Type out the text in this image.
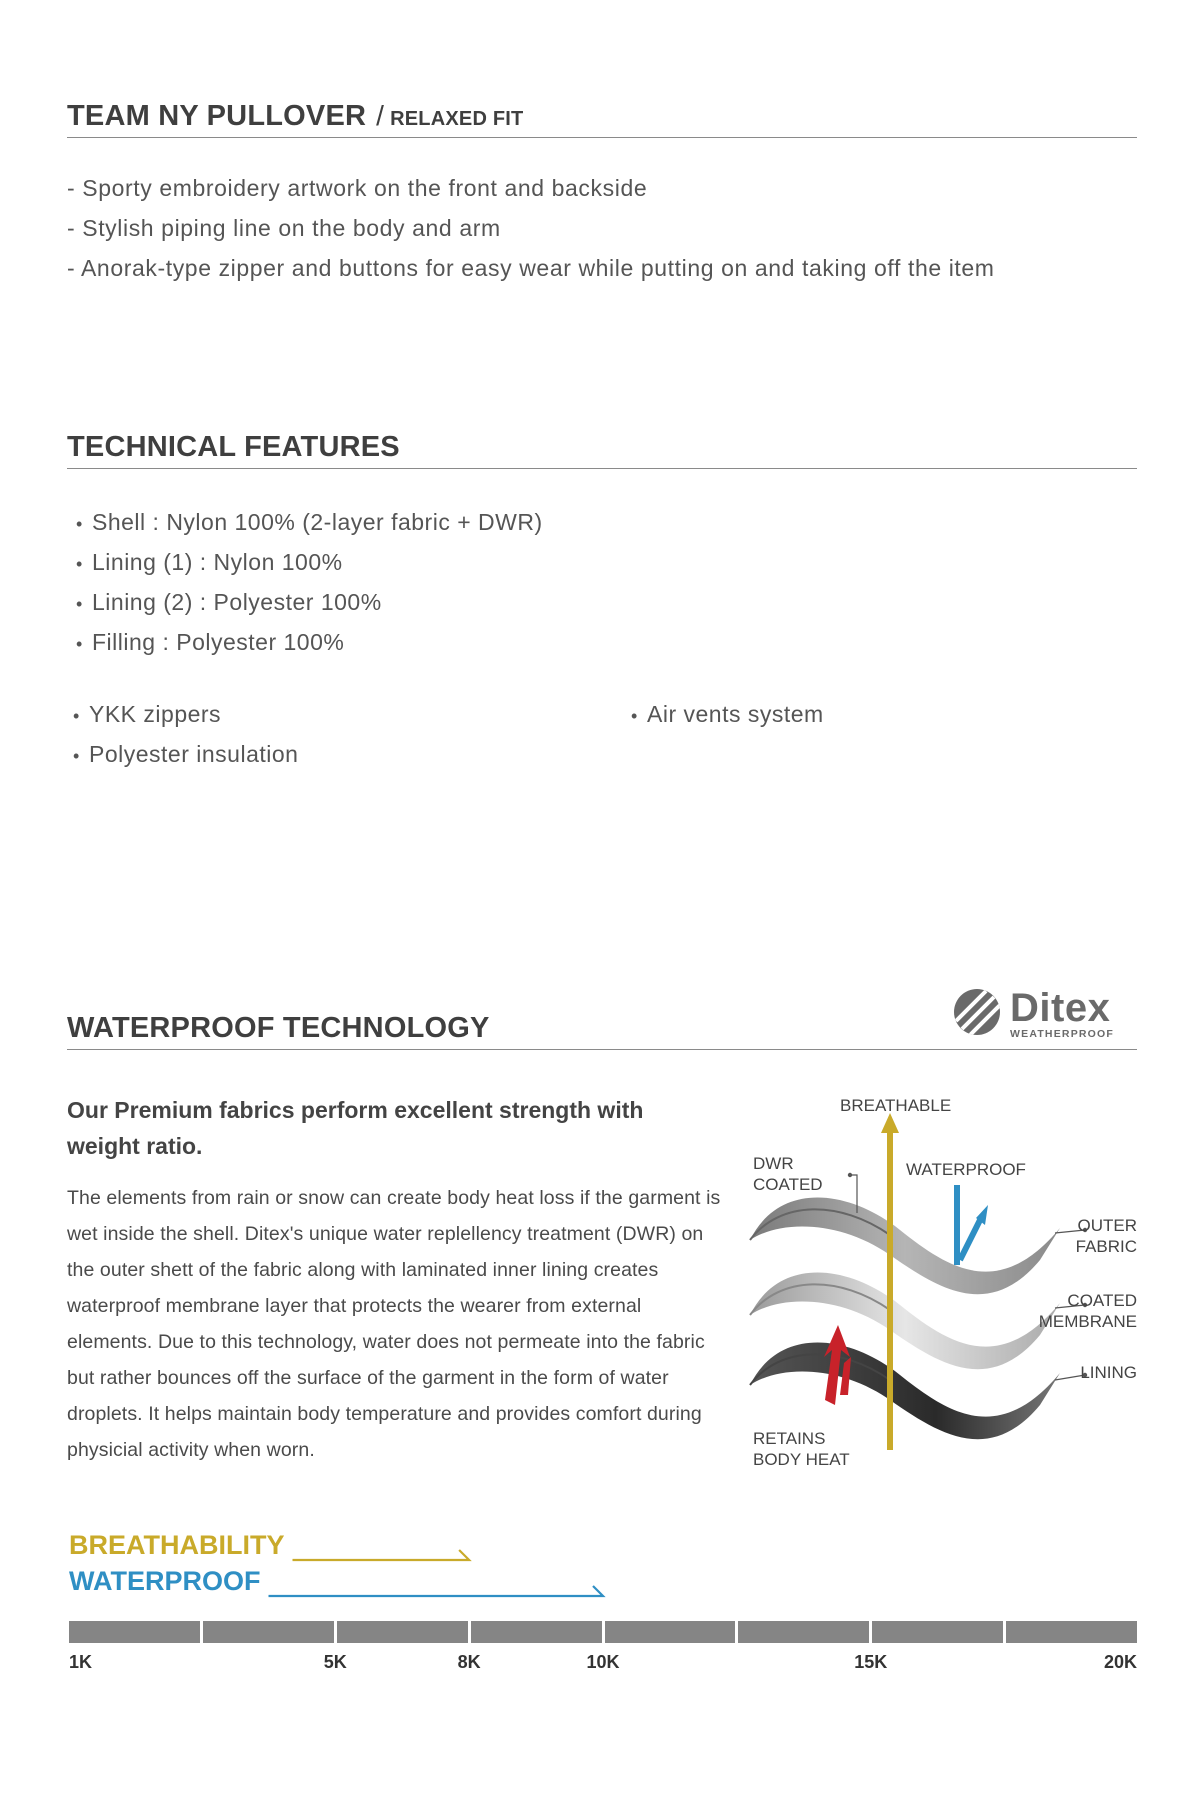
TEAM NY PULLOVER / RELAXED FIT
- Sporty embroidery artwork on the front and backside
- Stylish piping line on the body and arm
- Anorak-type zipper and buttons for easy wear while putting on and taking off the item
TECHNICAL FEATURES
• Shell : Nylon 100% (2-layer fabric + DWR)
• Lining (1) : Nylon 100%
• Lining (2) : Polyester 100%
• Filling : Polyester 100%
• YKK zippers
• Polyester insulation
• Air vents system
WATERPROOF TECHNOLOGY	Ditex
WEATHERPROOF
Our Premium fabrics perform excellent strength with weight ratio.
The elements from rain or snow can create body heat loss if the garment is wet inside the shell. Ditex's unique water replellency treatment (DWR) on the outer shett of the fabric along with laminated inner lining creates waterproof membrane layer that protects the wearer from external elements. Due to this technology, water does not permeate into the fabric but rather bounces off the surface of the garment in the form of water droplets. It helps maintain body temperature and provides comfort during physicial activity when worn.
BREATHABLE
DWR
COATED
WATERPROOF
OUTER
FABRIC
COATED
MEMBRANE
LINING
RETAINS
BODY HEAT
BREATHABILITY
WATERPROOF
1K	5K	8K	10K	15K	20K
